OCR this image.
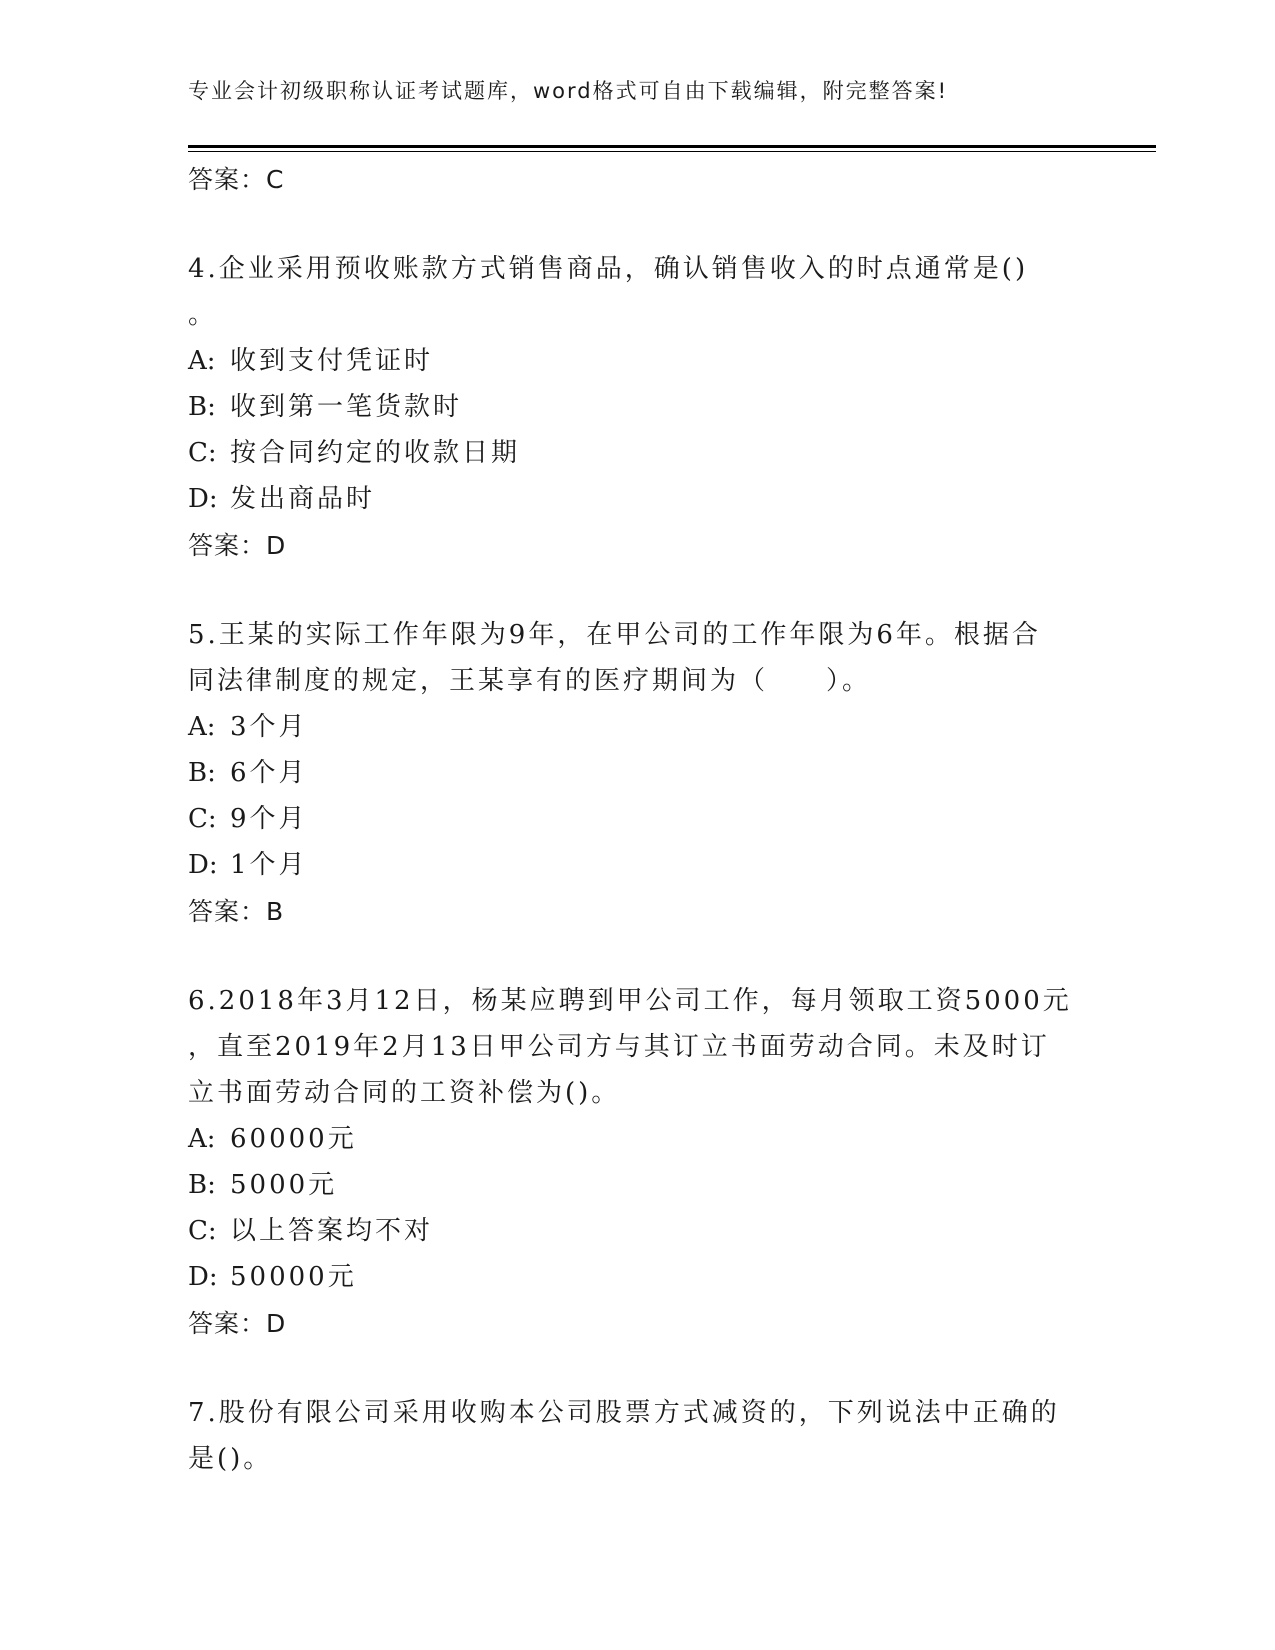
专业会计初级职称认证考试题库，word格式可自由下载编辑，附完整答案!
答案：C
4.企业采用预收账款方式销售商品，确认销售收入的时点通常是()
。
A: 收到支付凭证时
B: 收到第一笔货款时
C: 按合同约定的收款日期
D: 发出商品时
答案：D
5.王某的实际工作年限为9年，在甲公司的工作年限为6年。根据合
同法律制度的规定，王某享有的医疗期间为（　　）。
A: 3个月
B: 6个月
C: 9个月
D: 1个月
答案：B
6.2018年3月12日，杨某应聘到甲公司工作，每月领取工资5000元
，直至2019年2月13日甲公司方与其订立书面劳动合同。未及时订
立书面劳动合同的工资补偿为()。
A: 60000元
B: 5000元
C: 以上答案均不对
D: 50000元
答案：D
7.股份有限公司采用收购本公司股票方式减资的，下列说法中正确的
是()。
